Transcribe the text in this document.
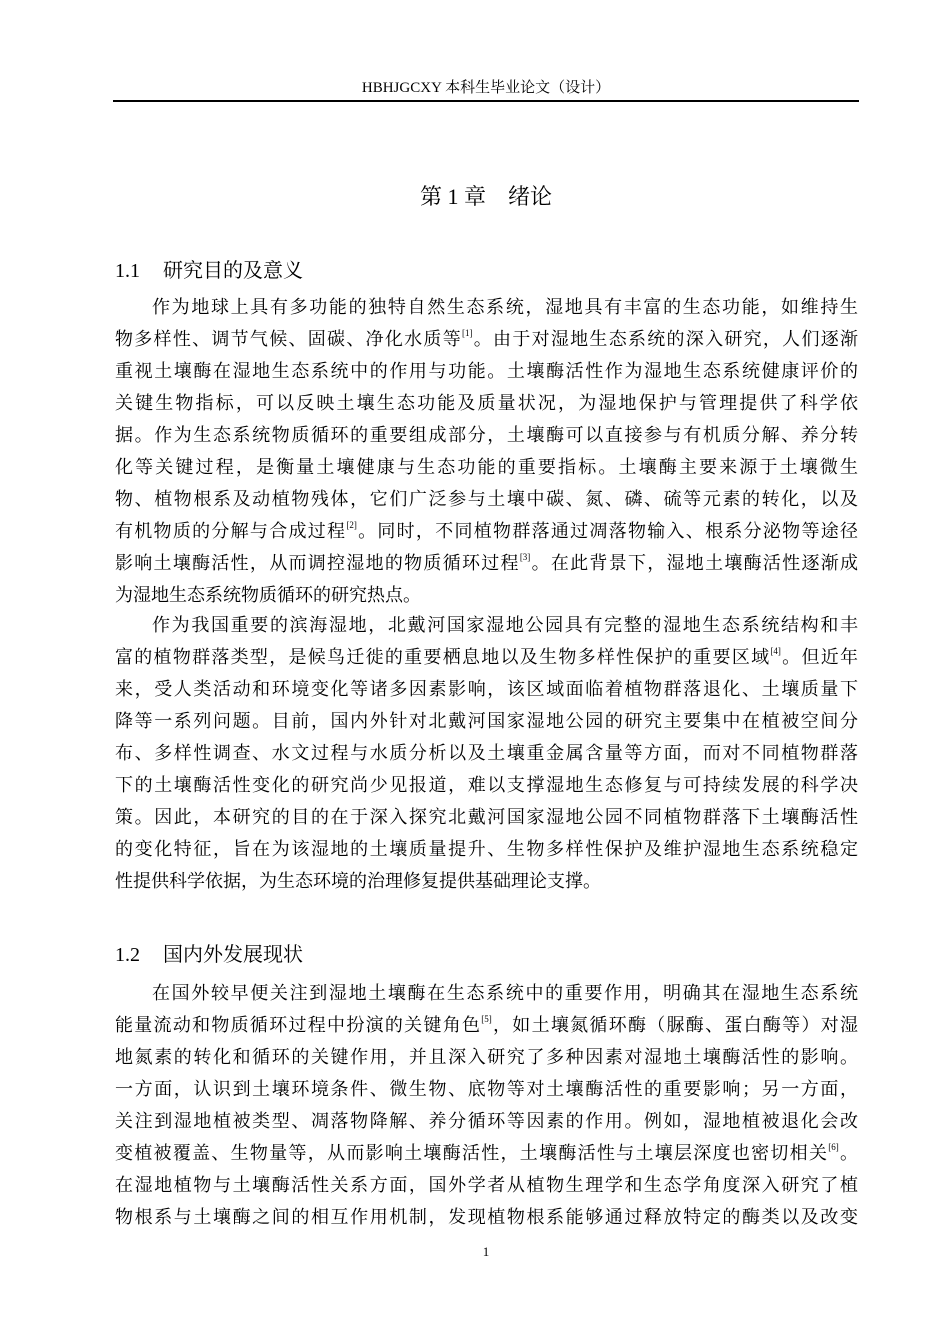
HBHJGCXY 本科生毕业论文（设计）
第 1 章　绪论
1.1 研究目的及意义
作为地球上具有多功能的独特自然生态系统，湿地具有丰富的生态功能，如维持生
物多样性、调节气候、固碳、净化水质等[1]。由于对湿地生态系统的深入研究，人们逐渐
重视土壤酶在湿地生态系统中的作用与功能。土壤酶活性作为湿地生态系统健康评价的
关键生物指标，可以反映土壤生态功能及质量状况，为湿地保护与管理提供了科学依
据。作为生态系统物质循环的重要组成部分，土壤酶可以直接参与有机质分解、养分转
化等关键过程，是衡量土壤健康与生态功能的重要指标。土壤酶主要来源于土壤微生
物、植物根系及动植物残体，它们广泛参与土壤中碳、氮、磷、硫等元素的转化，以及
有机物质的分解与合成过程[2]。同时，不同植物群落通过凋落物输入、根系分泌物等途径
影响土壤酶活性，从而调控湿地的物质循环过程[3]。在此背景下，湿地土壤酶活性逐渐成
为湿地生态系统物质循环的研究热点。
作为我国重要的滨海湿地，北戴河国家湿地公园具有完整的湿地生态系统结构和丰
富的植物群落类型，是候鸟迁徙的重要栖息地以及生物多样性保护的重要区域[4]。但近年
来，受人类活动和环境变化等诸多因素影响，该区域面临着植物群落退化、土壤质量下
降等一系列问题。目前，国内外针对北戴河国家湿地公园的研究主要集中在植被空间分
布、多样性调查、水文过程与水质分析以及土壤重金属含量等方面，而对不同植物群落
下的土壤酶活性变化的研究尚少见报道，难以支撑湿地生态修复与可持续发展的科学决
策。因此，本研究的目的在于深入探究北戴河国家湿地公园不同植物群落下土壤酶活性
的变化特征，旨在为该湿地的土壤质量提升、生物多样性保护及维护湿地生态系统稳定
性提供科学依据，为生态环境的治理修复提供基础理论支撑。
1.2 国内外发展现状
在国外较早便关注到湿地土壤酶在生态系统中的重要作用，明确其在湿地生态系统
能量流动和物质循环过程中扮演的关键角色[5]，如土壤氮循环酶（脲酶、蛋白酶等）对湿
地氮素的转化和循环的关键作用，并且深入研究了多种因素对湿地土壤酶活性的影响。
一方面，认识到土壤环境条件、微生物、底物等对土壤酶活性的重要影响；另一方面，
关注到湿地植被类型、凋落物降解、养分循环等因素的作用。例如，湿地植被退化会改
变植被覆盖、生物量等，从而影响土壤酶活性，土壤酶活性与土壤层深度也密切相关[6]。
在湿地植物与土壤酶活性关系方面，国外学者从植物生理学和生态学角度深入研究了植
物根系与土壤酶之间的相互作用机制，发现植物根系能够通过释放特定的酶类以及改变
1
